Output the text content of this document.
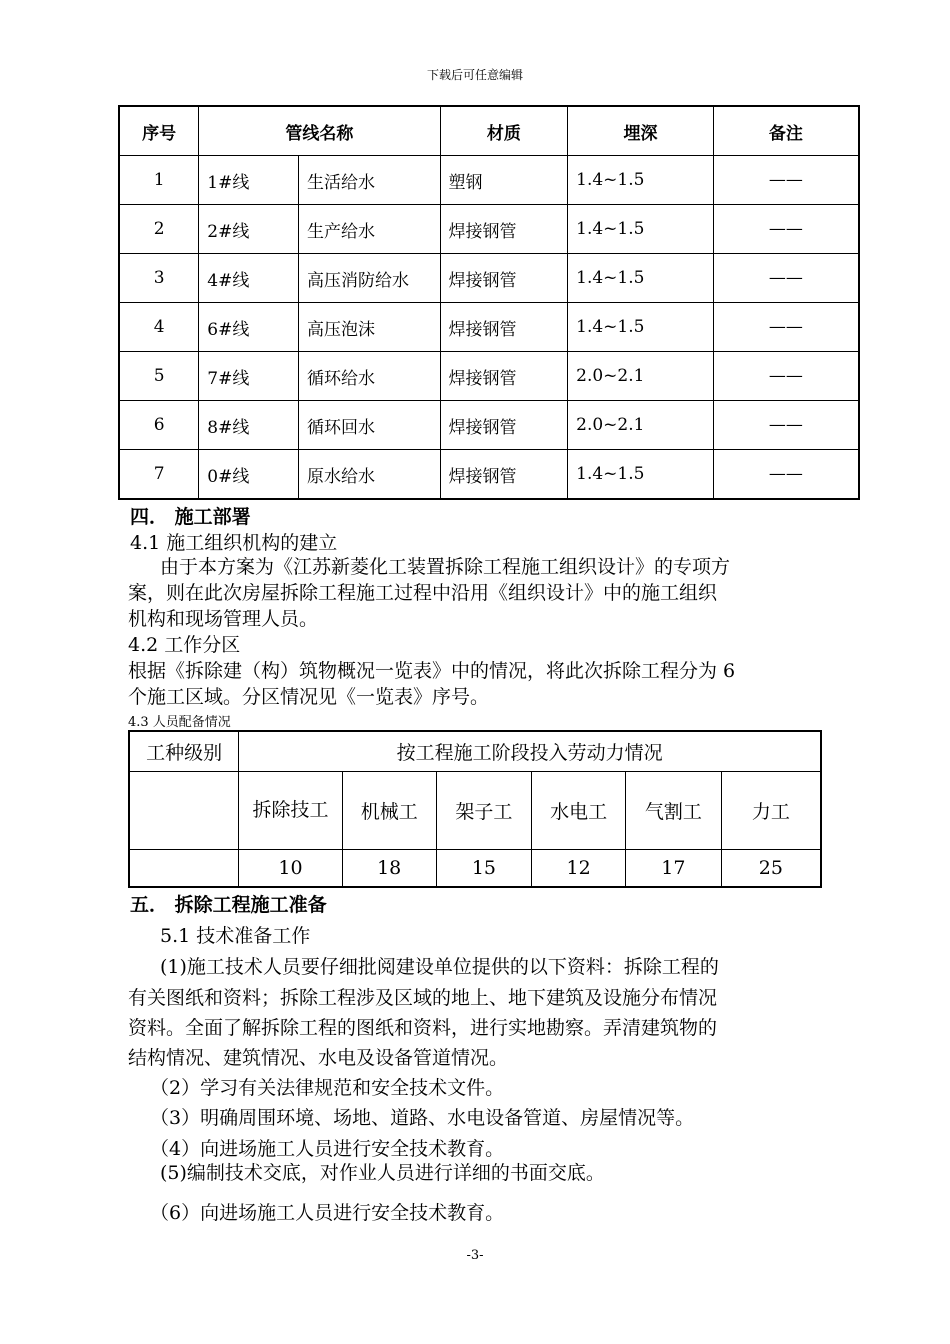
下载后可任意编辑
序号	管线名称		材质	埋深	备注
1	1#线	生活给水	塑钢	1.4~1.5	——
2	2#线	生产给水	焊接钢管	1.4~1.5	——
3	4#线	高压消防给水	焊接钢管	1.4~1.5	——
4	6#线	高压泡沫	焊接钢管	1.4~1.5	——
5	7#线	循环给水	焊接钢管	2.0~2.1	——
6	8#线	循环回水	焊接钢管	2.0~2.1	——
7	0#线	原水给水	焊接钢管	1.4~1.5	——
四． 施工部署
4.1 施工组织机构的建立
由于本方案为《江苏新菱化工装置拆除工程施工组织设计》的专项方
案，则在此次房屋拆除工程施工过程中沿用《组织设计》中的施工组织
机构和现场管理人员。
4.2 工作分区
根据《拆除建（构）筑物概况一览表》中的情况，将此次拆除工程分为 6
个施工区域。分区情况见《一览表》序号。
4.3 人员配备情况
工种级别	按工程施工阶段投入劳动力情况					
	拆除技工	机械工	架子工	水电工	气割工	力工
	10	18	15	12	17	25
五． 拆除工程施工准备
5.1 技术准备工作
(1)施工技术人员要仔细批阅建设单位提供的以下资料：拆除工程的
有关图纸和资料；拆除工程涉及区域的地上、地下建筑及设施分布情况
资料。全面了解拆除工程的图纸和资料，进行实地勘察。弄清建筑物的
结构情况、建筑情况、水电及设备管道情况。
（2）学习有关法律规范和安全技术文件。
（3）明确周围环境、场地、道路、水电设备管道、房屋情况等。
（4）向进场施工人员进行安全技术教育。
(5)编制技术交底，对作业人员进行详细的书面交底。
（6）向进场施工人员进行安全技术教育。
-3-
